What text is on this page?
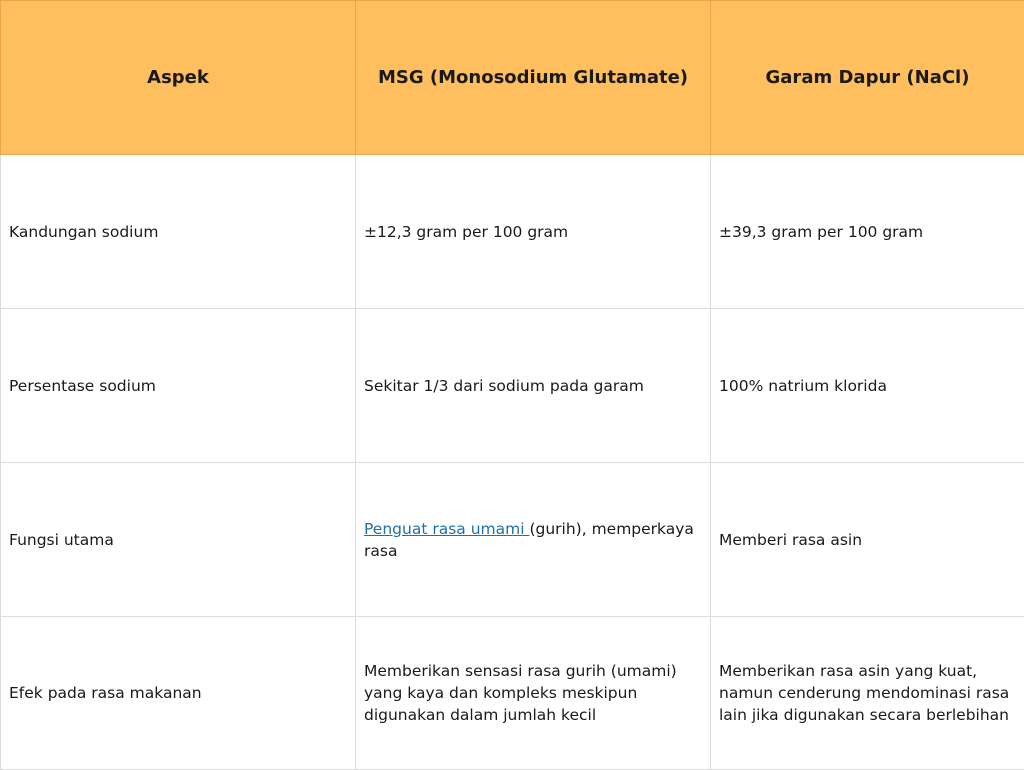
Aspek	MSG (Monosodium Glutamate)	Garam Dapur (NaCl)
Kandungan sodium	±12,3 gram per 100 gram	±39,3 gram per 100 gram
Persentase sodium	Sekitar 1/3 dari sodium pada garam	100% natrium klorida
Fungsi utama	Penguat rasa umami (gurih), memperkaya rasa	Memberi rasa asin
Efek pada rasa makanan	Memberikan sensasi rasa gurih (umami) yang kaya dan kompleks meskipun digunakan dalam jumlah kecil	Memberikan rasa asin yang kuat, namun cenderung mendominasi rasa lain jika digunakan secara berlebihan
